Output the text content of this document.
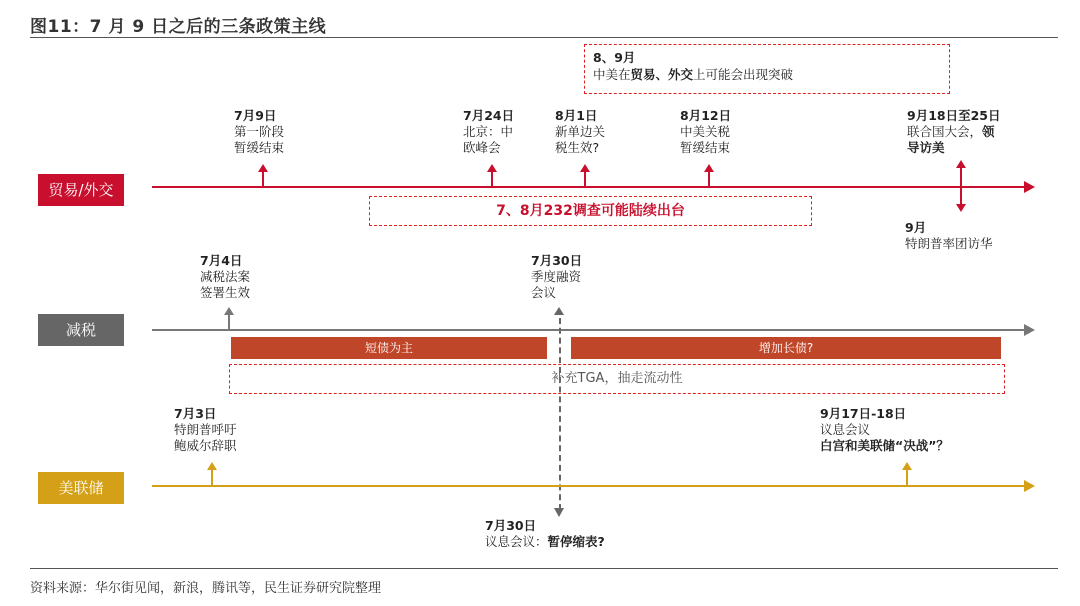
图11：7 月 9 日之后的三条政策主线
8、9月
中美在贸易、外交上可能会出现突破
7月9日
第一阶段
暂缓结束
7月24日
北京：中
欧峰会
8月1日
新单边关
税生效?
8月12日
中美关税
暂缓结束
9月18日至25日
联合国大会，领
导访美
贸易/外交
7、8月232调查可能陆续出台
9月
特朗普率团访华
7月4日
减税法案
签署生效
7月30日
季度融资
会议
减税
短债为主	增加长债?
补充TGA，抽走流动性
7月3日
特朗普呼吁
鲍威尔辞职
9月17日-18日
议息会议
白宫和美联储“决战”？
美联储
7月30日
议息会议：暂停缩表?
资料来源：华尔街见闻，新浪，腾讯等，民生证券研究院整理
